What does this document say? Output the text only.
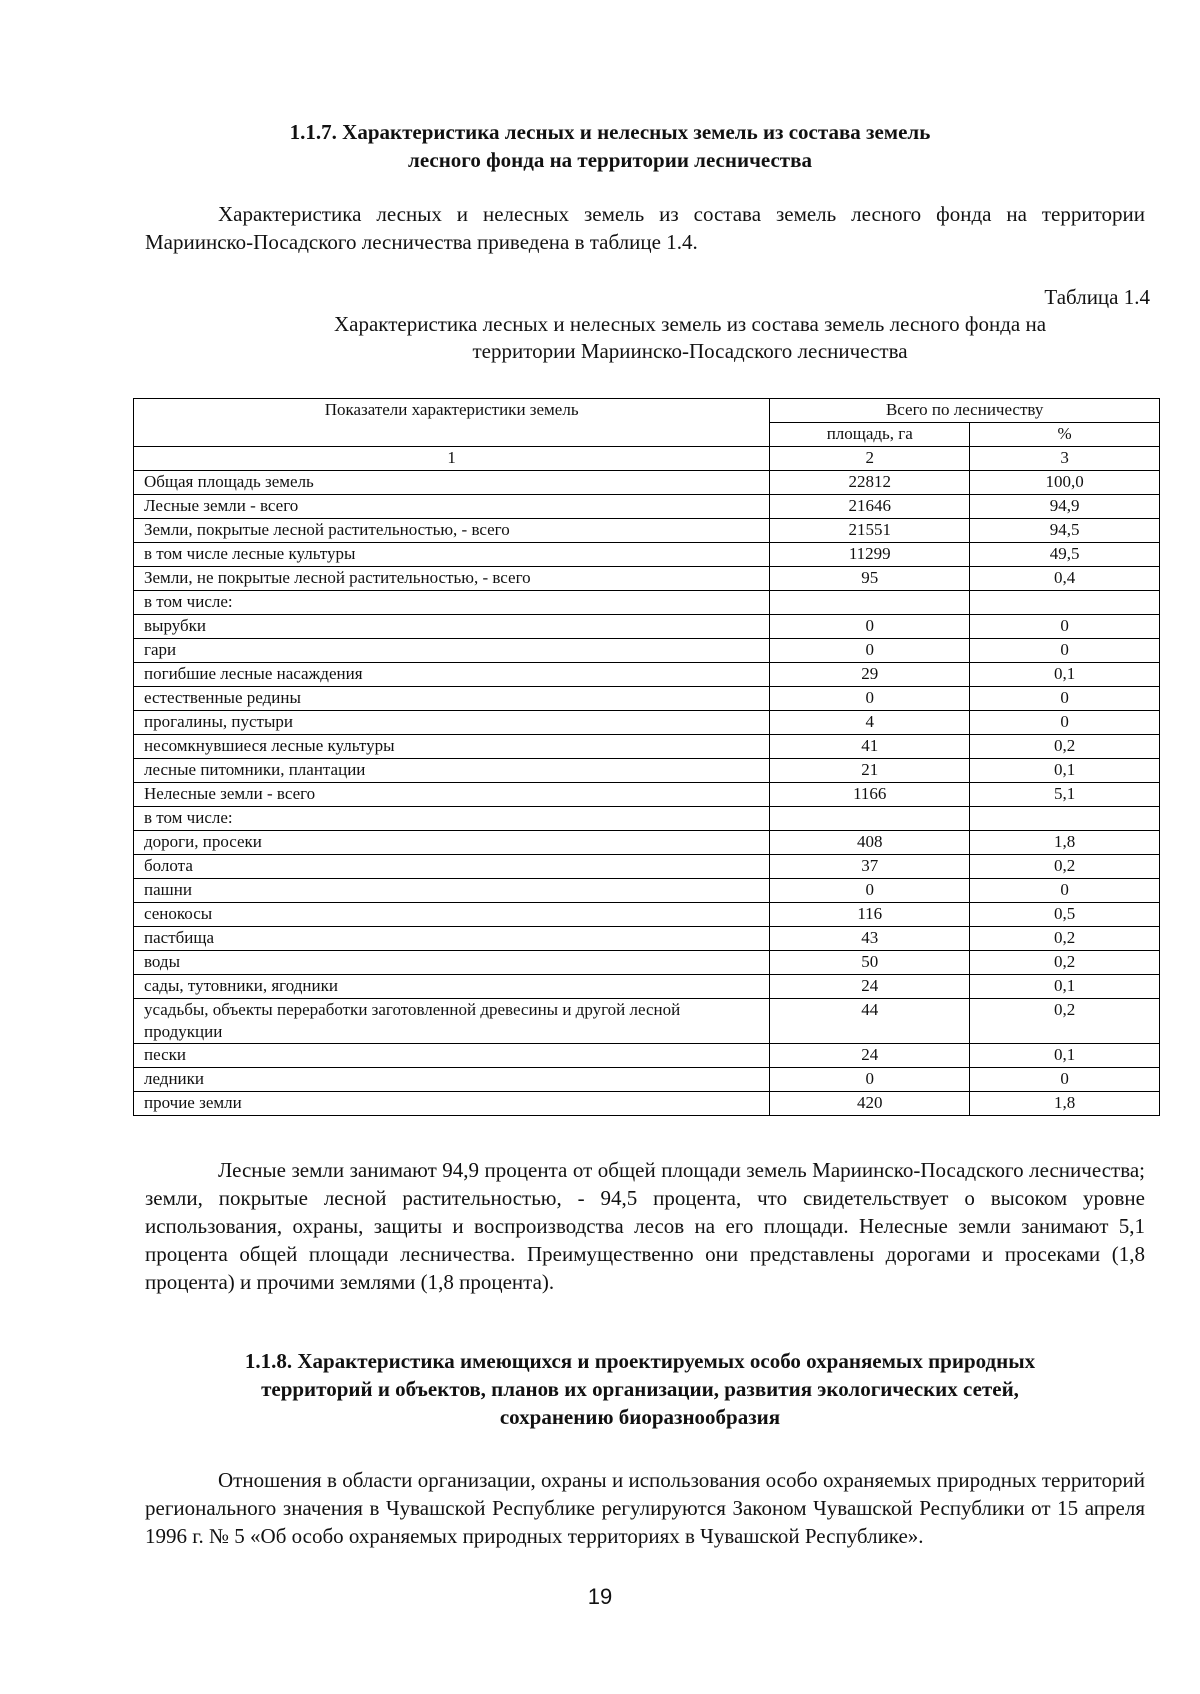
1.1.7. Характеристика лесных и нелесных земель из состава земель
лесного фонда на территории лесничества

Характеристика лесных и нелесных земель из состава земель лесного фонда на территории Мариинско-Посадского лесничества приведена в таблице 1.4.

Таблица 1.4
Характеристика лесных и нелесных земель из состава земель лесного фонда на
территории Мариинско-Посадского лесничества
Показатели характеристики земель	Всего по лесничеству	
	площадь, га	%
1	2	3
Общая площадь земель	22812	100,0
Лесные земли - всего	21646	94,9
Земли, покрытые лесной растительностью, - всего	21551	94,5
в том числе лесные культуры	11299	49,5
Земли, не покрытые лесной растительностью, - всего	95	0,4
в том числе:		
вырубки	0	0
гари	0	0
погибшие лесные насаждения	29	0,1
естественные редины	0	0
прогалины, пустыри	4	0
несомкнувшиеся лесные культуры	41	0,2
лесные питомники, плантации	21	0,1
Нелесные земли - всего	1166	5,1
в том числе:		
дороги, просеки	408	1,8
болота	37	0,2
пашни	0	0
сенокосы	116	0,5
пастбища	43	0,2
воды	50	0,2
сады, тутовники, ягодники	24	0,1
усадьбы, объекты переработки заготовленной древесины и другой лесной продукции	44	0,2
пески	24	0,1
ледники	0	0
прочие земли	420	1,8

Лесные земли занимают 94,9 процента от общей площади земель Мариинско-Посадского лесничества; земли, покрытые лесной растительностью, - 94,5 процента, что свидетельствует о высоком уровне использования, охраны, защиты и воспроизводства лесов на его площади. Нелесные земли занимают 5,1 процента общей площади лесничества. Преимущественно они представлены дорогами и просеками (1,8 процента) и прочими землями (1,8 процента).

1.1.8. Характеристика имеющихся и проектируемых особо охраняемых природных
территорий и объектов, планов их организации, развития экологических сетей,
сохранению биоразнообразия

Отношения в области организации, охраны и использования особо охраняемых природных территорий регионального значения в Чувашской Республике регулируются Законом Чувашской Республики от 15 апреля 1996 г. № 5 «Об особо охраняемых природных территориях в Чувашской Республике».

19
